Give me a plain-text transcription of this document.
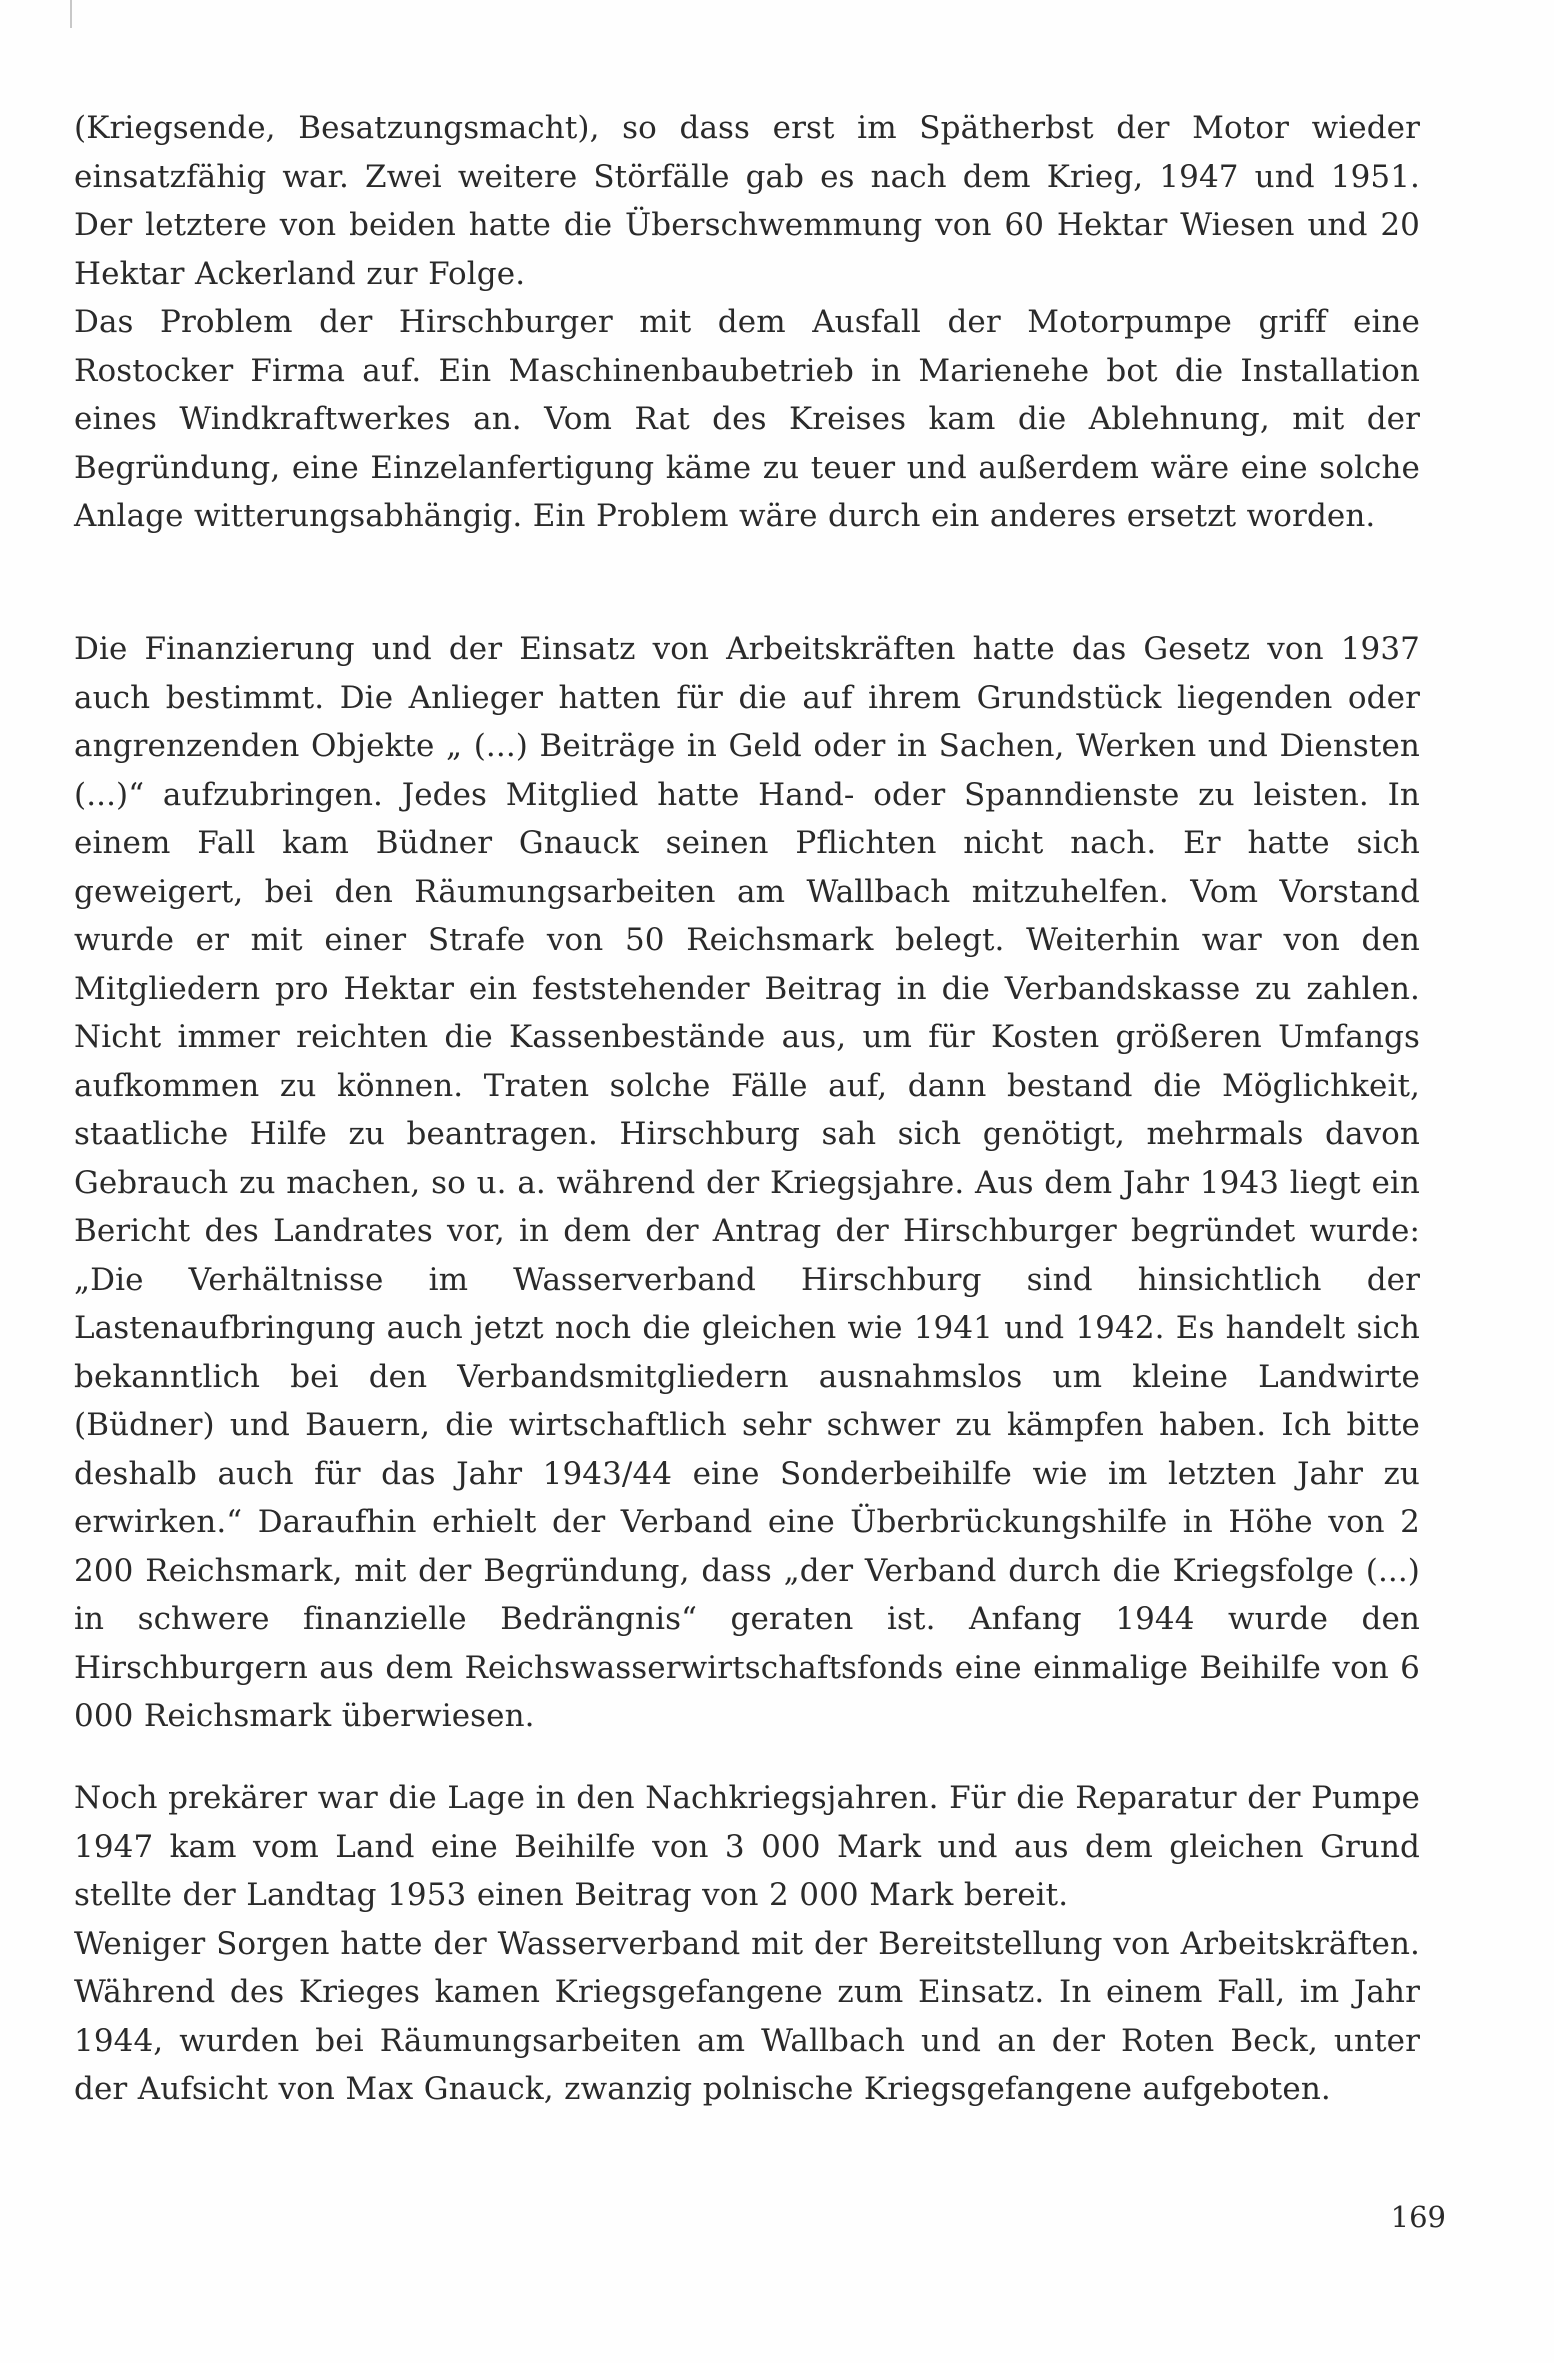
(Kriegsende, Besatzungsmacht), so dass erst im Spätherbst der Motor wieder einsatzfähig war. Zwei weitere Störfälle gab es nach dem Krieg, 1947 und 1951. Der letztere von beiden hatte die Überschwemmung von 60 Hektar Wiesen und 20 Hektar Ackerland zur Folge.

Das Problem der Hirschburger mit dem Ausfall der Motorpumpe griff eine Rostocker Firma auf. Ein Maschinenbaubetrieb in Marienehe bot die Installation eines Windkraftwerkes an. Vom Rat des Kreises kam die Ablehnung, mit der Begründung, eine Einzelanfertigung käme zu teuer und außerdem wäre eine solche Anlage witterungsabhängig. Ein Problem wäre durch ein anderes ersetzt worden.

Die Finanzierung und der Einsatz von Arbeitskräften hatte das Gesetz von 1937 auch bestimmt. Die Anlieger hatten für die auf ihrem Grundstück liegenden oder angrenzenden Objekte „ (...) Beiträge in Geld oder in Sachen, Werken und Diensten (...)“ aufzubringen. Jedes Mitglied hatte Hand- oder Spanndienste zu leisten. In einem Fall kam Büdner Gnauck seinen Pflichten nicht nach. Er hatte sich geweigert, bei den Räumungsarbeiten am Wallbach mitzuhelfen. Vom Vorstand wurde er mit einer Strafe von 50 Reichsmark belegt. Weiterhin war von den Mitgliedern pro Hektar ein feststehender Beitrag in die Verbandskasse zu zahlen. Nicht immer reichten die Kassenbestände aus, um für Kosten größeren Umfangs aufkommen zu können. Traten solche Fälle auf, dann bestand die Möglichkeit, staatliche Hilfe zu beantragen. Hirschburg sah sich genötigt, mehrmals davon Gebrauch zu machen, so u. a. während der Kriegsjahre. Aus dem Jahr 1943 liegt ein Bericht des Landrates vor, in dem der Antrag der Hirschburger begründet wurde: „Die Verhältnisse im Wasserverband Hirschburg sind hinsichtlich der Lastenaufbringung auch jetzt noch die gleichen wie 1941 und 1942. Es handelt sich bekanntlich bei den Verbandsmitgliedern ausnahmslos um kleine Landwirte (Büdner) und Bauern, die wirtschaftlich sehr schwer zu kämpfen haben. Ich bitte deshalb auch für das Jahr 1943/44 eine Sonderbeihilfe wie im letzten Jahr zu erwirken.“ Daraufhin erhielt der Verband eine Überbrückungshilfe in Höhe von 2 200 Reichsmark, mit der Begründung, dass „der Verband durch die Kriegsfolge (...) in schwere finanzielle Bedrängnis“ geraten ist. Anfang 1944 wurde den Hirschburgern aus dem Reichswasserwirtschaftsfonds eine einmalige Beihilfe von 6 000 Reichsmark überwiesen.

Noch prekärer war die Lage in den Nachkriegsjahren. Für die Reparatur der Pumpe 1947 kam vom Land eine Beihilfe von 3 000 Mark und aus dem gleichen Grund stellte der Landtag 1953 einen Beitrag von 2 000 Mark bereit.

Weniger Sorgen hatte der Wasserverband mit der Bereitstellung von Arbeitskräften. Während des Krieges kamen Kriegsgefangene zum Einsatz. In einem Fall, im Jahr 1944, wurden bei Räumungsarbeiten am Wallbach und an der Roten Beck, unter der Aufsicht von Max Gnauck, zwanzig polnische Kriegsgefangene aufgeboten.

169
